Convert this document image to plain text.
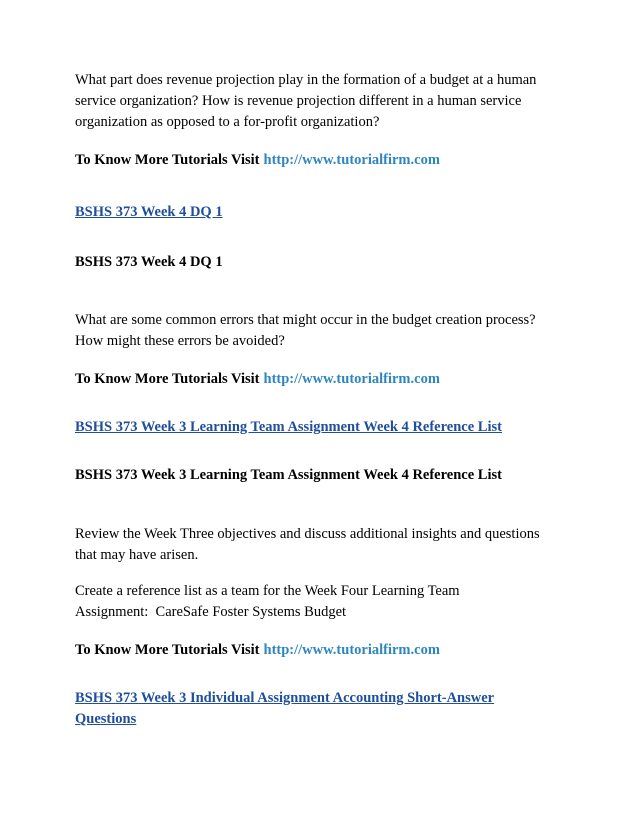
What part does revenue projection play in the formation of a budget at a human
service organization? How is revenue projection different in a human service
organization as opposed to a for-profit organization?

To Know More Tutorials Visit http://www.tutorialfirm.com

BSHS 373 Week 4 DQ 1

BSHS 373 Week 4 DQ 1

What are some common errors that might occur in the budget creation process?
How might these errors be avoided?

To Know More Tutorials Visit http://www.tutorialfirm.com

BSHS 373 Week 3 Learning Team Assignment Week 4 Reference List

BSHS 373 Week 3 Learning Team Assignment Week 4 Reference List

Review the Week Three objectives and discuss additional insights and questions
that may have arisen.

Create a reference list as a team for the Week Four Learning Team
Assignment:  CareSafe Foster Systems Budget

To Know More Tutorials Visit http://www.tutorialfirm.com

BSHS 373 Week 3 Individual Assignment Accounting Short-Answer
Questions
